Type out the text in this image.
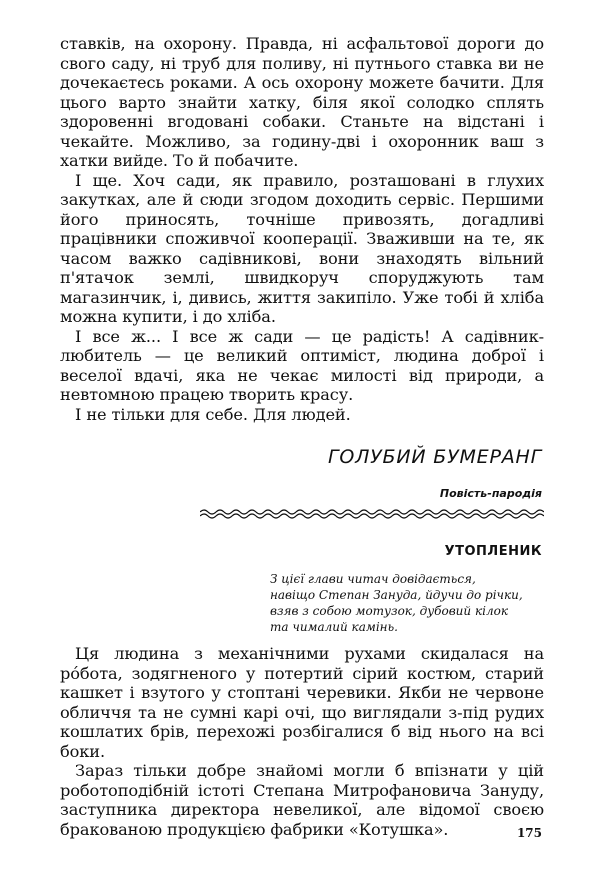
ставків, на охорону. Правда, ні асфальтової дороги до свого саду, ні труб для поливу, ні путнього ставка ви не дочекаєтесь роками. А ось охорону можете бачити. Для цього варто знайти хатку, біля якої солодко сплять здоровенні вгодовані собаки. Станьте на відстані і чекайте. Можливо, за годину-дві і охоронник ваш з хатки вийде. То й побачите.

І ще. Хоч сади, як правило, розташовані в глухих закутках, але й сюди згодом доходить сервіс. Першими його приносять, точніше привозять, догадливі працівники споживчої кооперації. Зваживши на те, як часом важко садівникові, вони знаходять вільний п'ятачок землі, швидкоруч споруджують там магазинчик, і, дивись, життя закипіло. Уже тобі й хліба можна купити, і до хліба.

І все ж... І все ж сади — це радість! А садівник-любитель — це великий оптиміст, людина доброї і веселої вдачі, яка не чекає милості від природи, а невтомною працею творить красу.

І не тільки для себе. Для людей.

ГОЛУБИЙ БУМЕРАНГ
Повість-пародія
УТОПЛЕНИК
З цієї глави читач довідається,
навіщо Степан Зануда, йдучи до річки,
взяв з собою мотузок, дубовий кілок
та чималий камінь.

Ця людина з механічними рухами скидалася на ро́бота, зодягненого у потертий сірий костюм, старий кашкет і взутого у стоптані черевики. Якби не червоне обличчя та не сумні карі очі, що виглядали з-під рудих кошлатих брів, перехожі розбігалися б від нього на всі боки.

Зараз тільки добре знайомі могли б впізнати у цій роботоподібній істоті Степана Митрофановича Зануду, заступника директора невеликої, але відомої своєю бракованою продукцією фабрики «Котушка».	175
